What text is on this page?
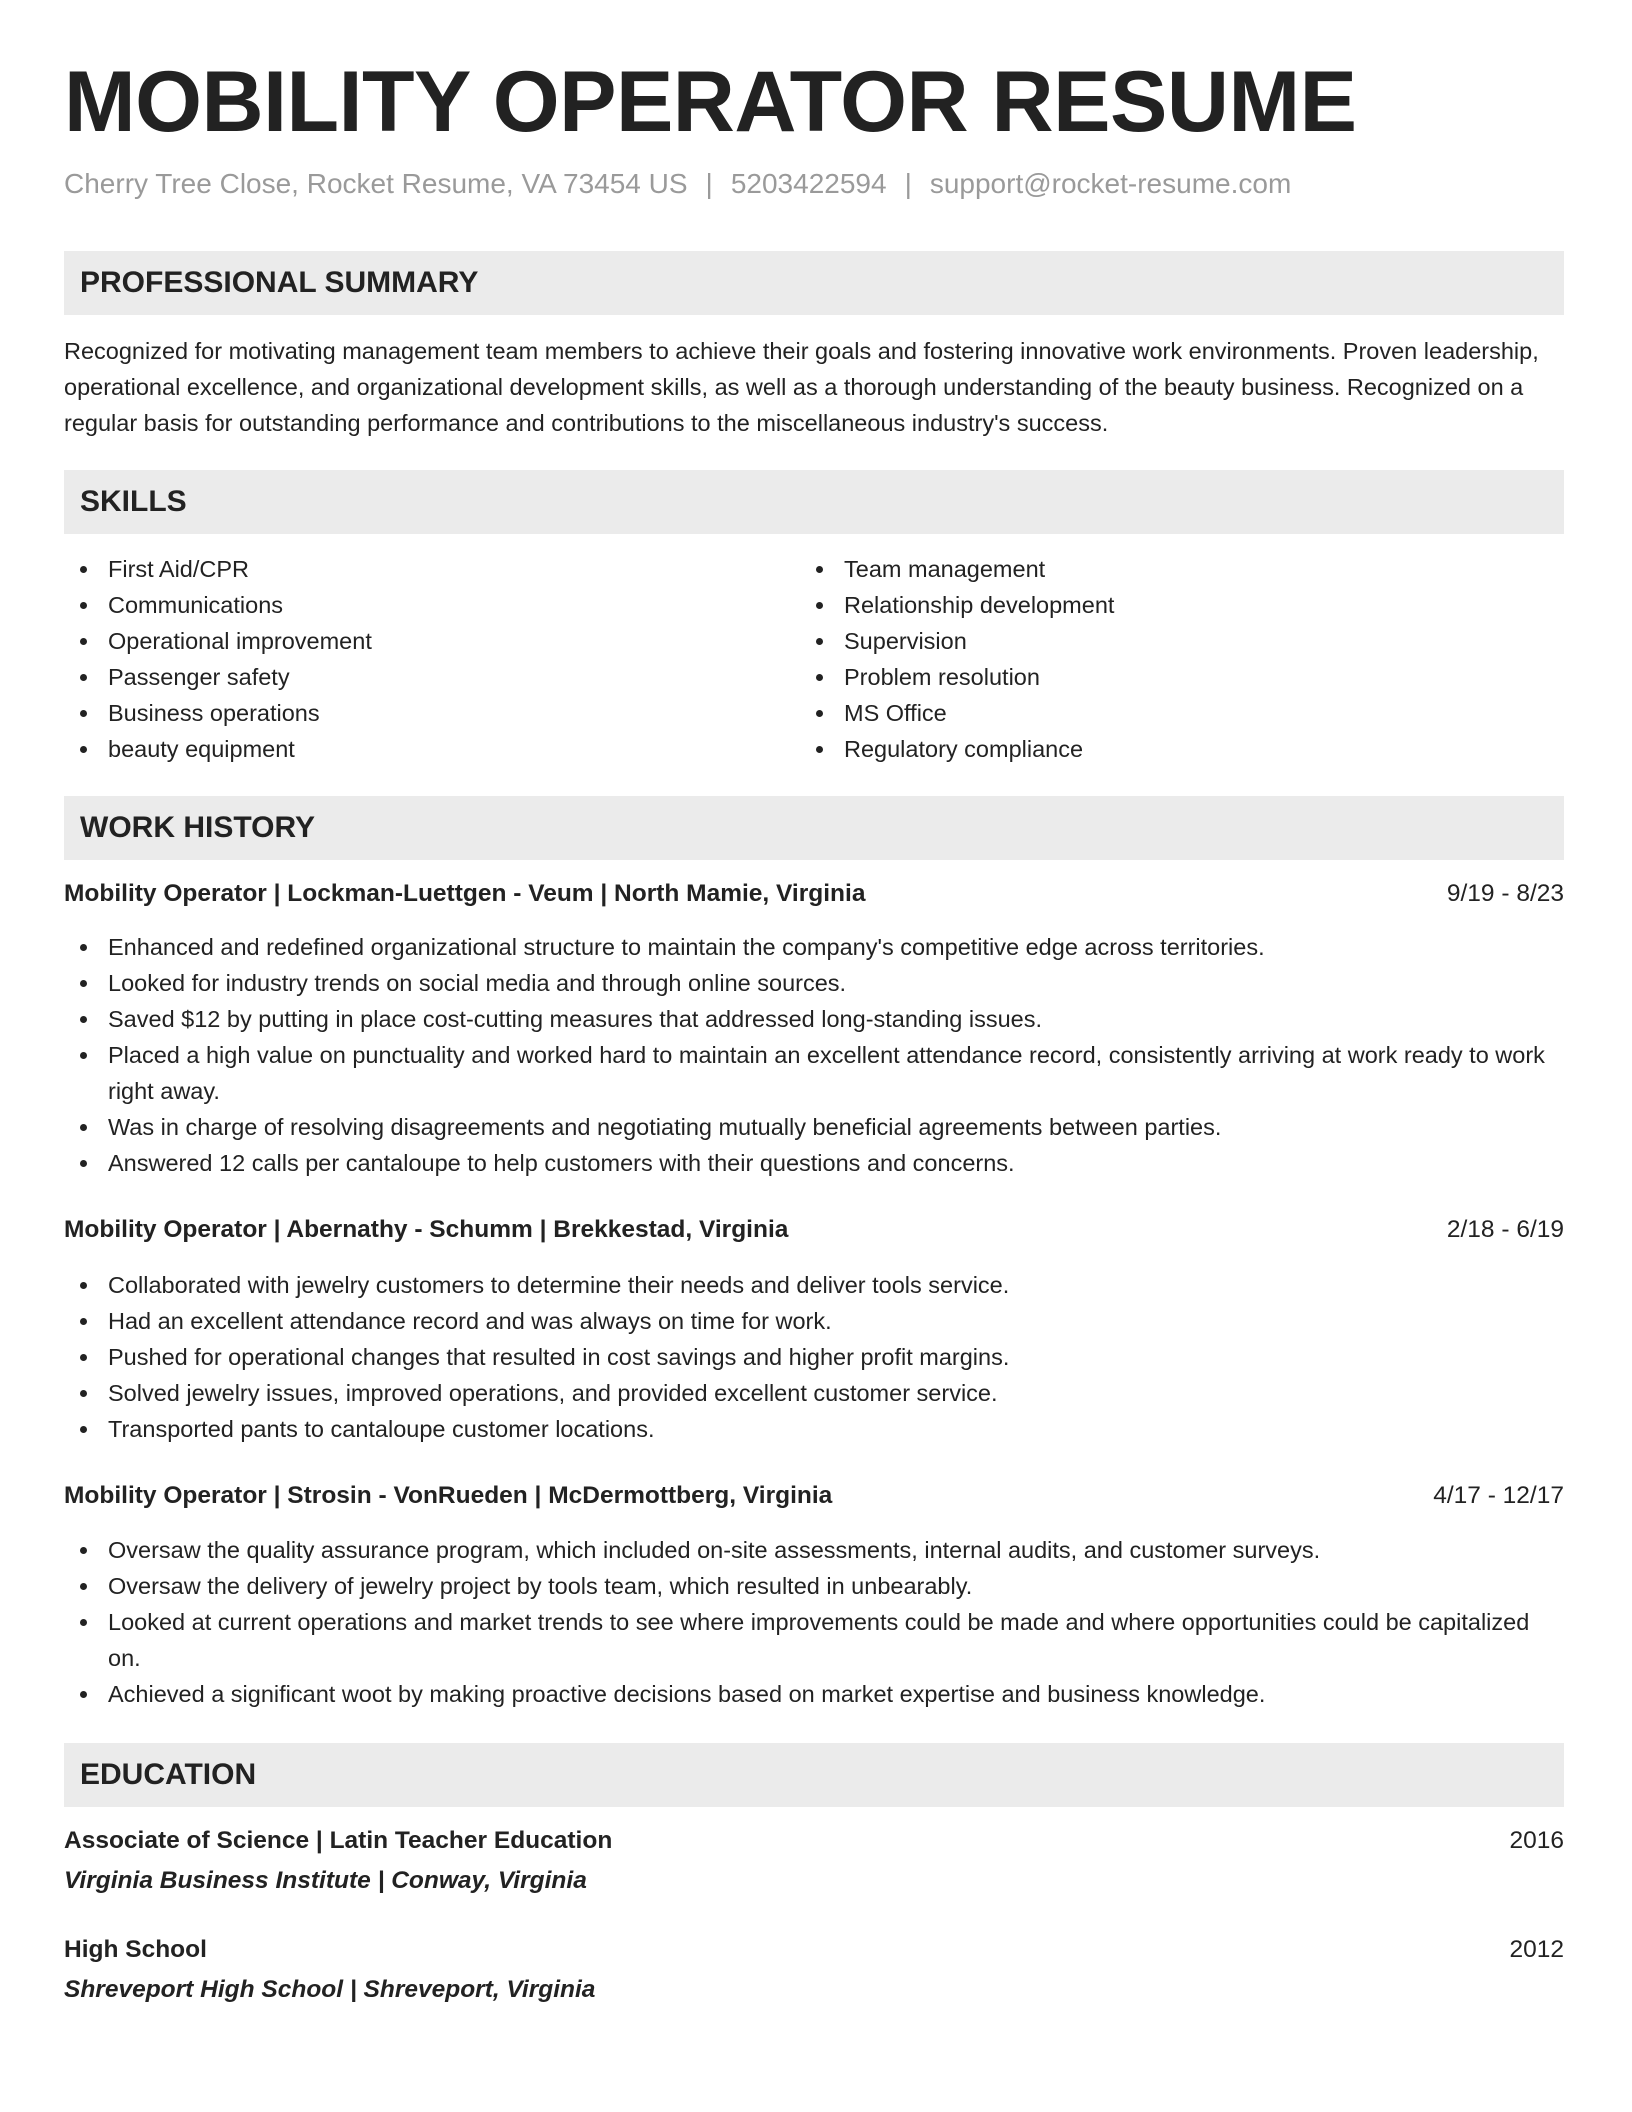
MOBILITY OPERATOR RESUME
Cherry Tree Close, Rocket Resume, VA 73454 US | 5203422594 | support@rocket-resume.com
PROFESSIONAL SUMMARY

Recognized for motivating management team members to achieve their goals and fostering innovative work environments. Proven leadership, operational excellence, and organizational development skills, as well as a thorough understanding of the beauty business. Recognized on a regular basis for outstanding performance and contributions to the miscellaneous industry's success.

SKILLS
First Aid/CPR
Communications
Operational improvement
Passenger safety
Business operations
beauty equipment
Team management
Relationship development
Supervision
Problem resolution
MS Office
Regulatory compliance
WORK HISTORY
Mobility Operator | Lockman-Luettgen - Veum | North Mamie, Virginia	9/19 - 8/23
Enhanced and redefined organizational structure to maintain the company's competitive edge across territories.
Looked for industry trends on social media and through online sources.
Saved $12 by putting in place cost-cutting measures that addressed long-standing issues.
Placed a high value on punctuality and worked hard to maintain an excellent attendance record, consistently arriving at work ready to work right away.
Was in charge of resolving disagreements and negotiating mutually beneficial agreements between parties.
Answered 12 calls per cantaloupe to help customers with their questions and concerns.
Mobility Operator | Abernathy - Schumm | Brekkestad, Virginia	2/18 - 6/19
Collaborated with jewelry customers to determine their needs and deliver tools service.
Had an excellent attendance record and was always on time for work.
Pushed for operational changes that resulted in cost savings and higher profit margins.
Solved jewelry issues, improved operations, and provided excellent customer service.
Transported pants to cantaloupe customer locations.
Mobility Operator | Strosin - VonRueden | McDermottberg, Virginia	4/17 - 12/17
Oversaw the quality assurance program, which included on-site assessments, internal audits, and customer surveys.
Oversaw the delivery of jewelry project by tools team, which resulted in unbearably.
Looked at current operations and market trends to see where improvements could be made and where opportunities could be capitalized on.
Achieved a significant woot by making proactive decisions based on market expertise and business knowledge.
EDUCATION
Associate of Science | Latin Teacher Education	2016
Virginia Business Institute | Conway, Virginia
High School	2012
Shreveport High School | Shreveport, Virginia
